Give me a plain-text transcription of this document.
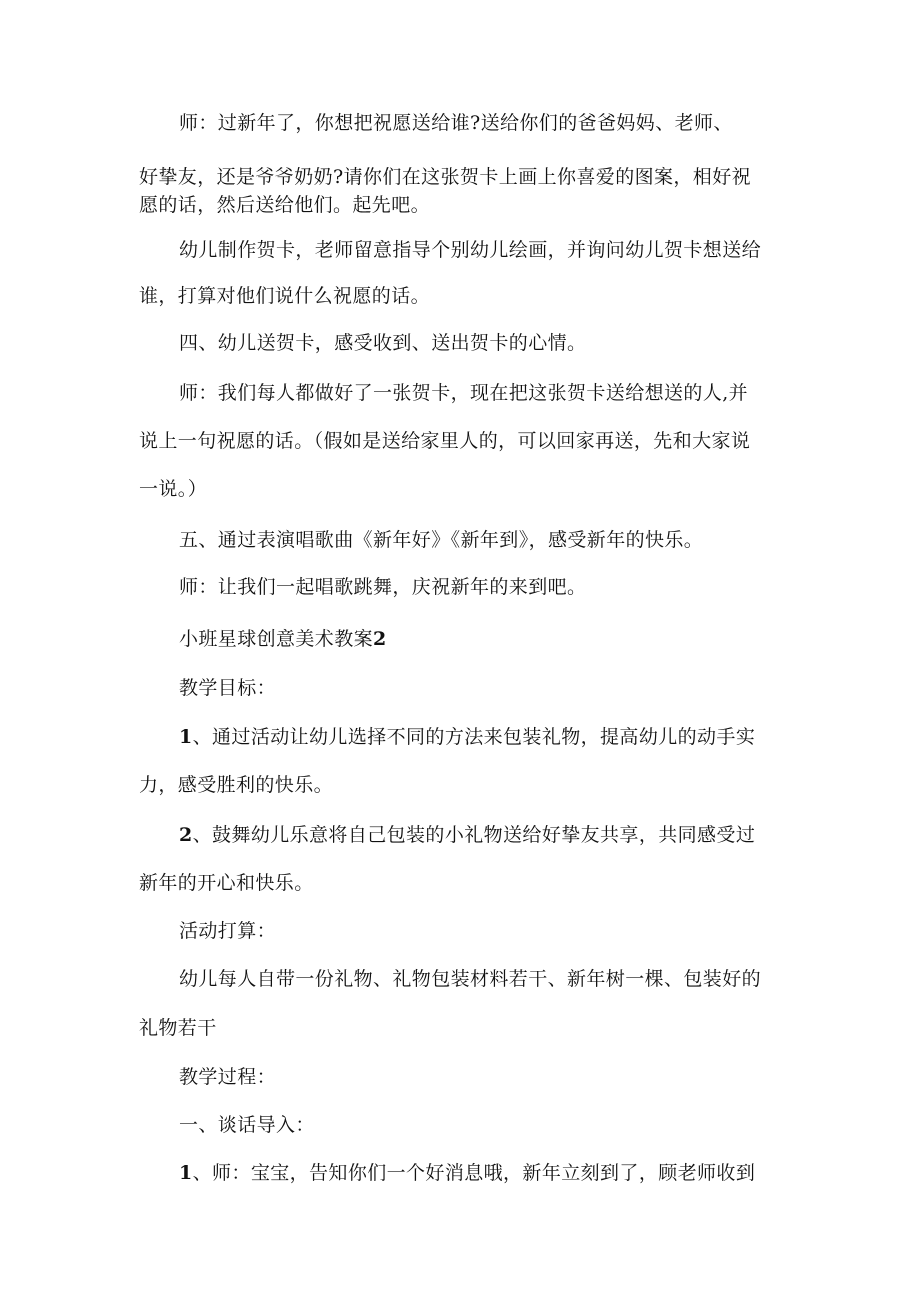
师：过新年了，你想把祝愿送给谁?送给你们的爸爸妈妈、老师、
好挚友，还是爷爷奶奶?请你们在这张贺卡上画上你喜爱的图案，相好祝
愿的话，然后送给他们。起先吧。
幼儿制作贺卡，老师留意指导个别幼儿绘画，并询问幼儿贺卡想送给
谁，打算对他们说什么祝愿的话。
四、幼儿送贺卡，感受收到、送出贺卡的心情。
师：我们每人都做好了一张贺卡，现在把这张贺卡送给想送的人,并
说上一句祝愿的话。（假如是送给家里人的，可以回家再送，先和大家说
一说。）
五、通过表演唱歌曲《新年好》《新年到》，感受新年的快乐。
师：让我们一起唱歌跳舞，庆祝新年的来到吧。
小班星球创意美术教案2
教学目标：
1、通过活动让幼儿选择不同的方法来包装礼物，提高幼儿的动手实
力，感受胜利的快乐。
2、鼓舞幼儿乐意将自己包装的小礼物送给好挚友共享，共同感受过
新年的开心和快乐。
活动打算：
幼儿每人自带一份礼物、礼物包装材料若干、新年树一棵、包装好的
礼物若干
教学过程：
一、谈话导入：
1、师：宝宝，告知你们一个好消息哦，新年立刻到了，顾老师收到
